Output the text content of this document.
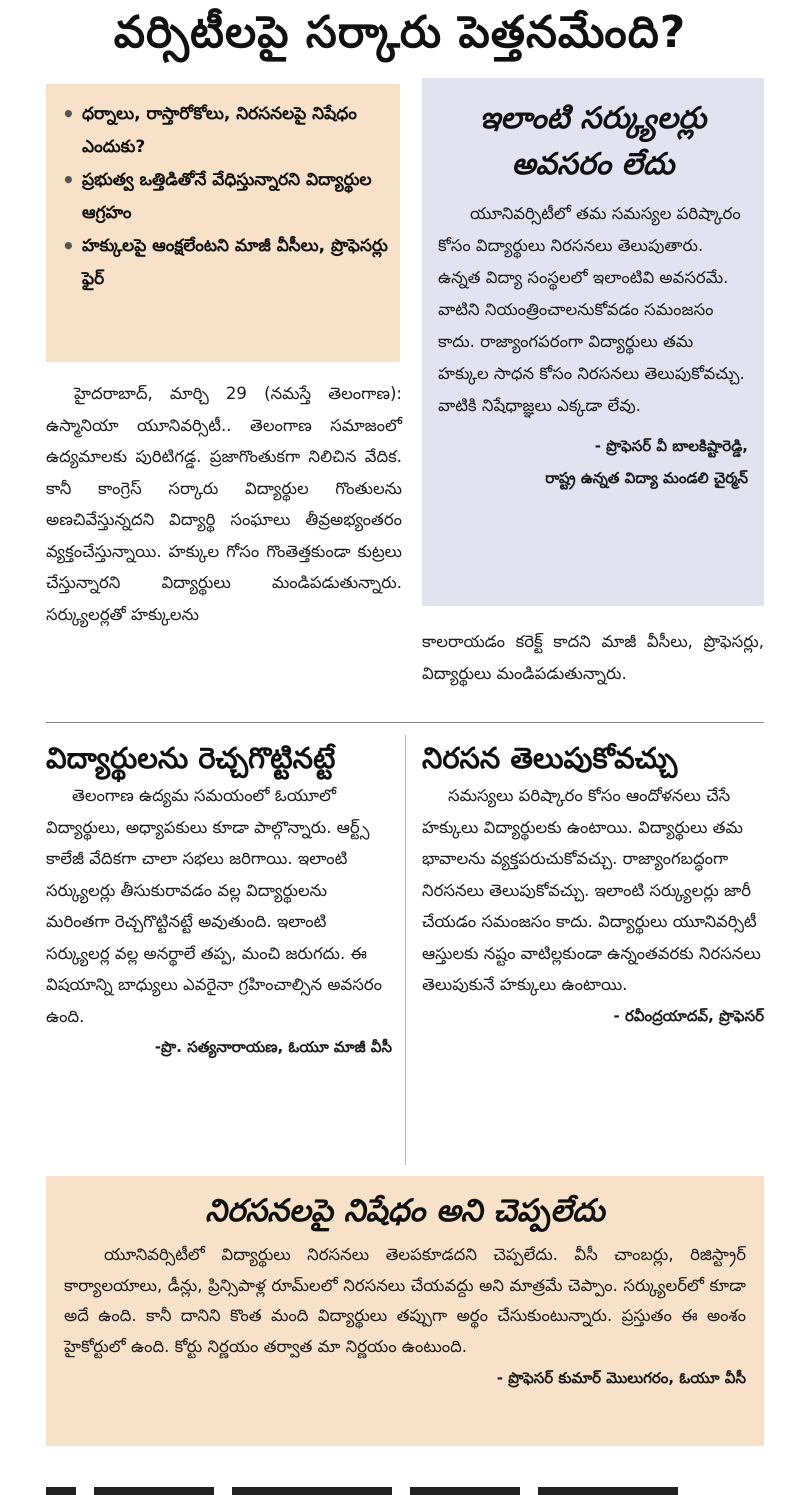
వర్సిటీలపై సర్కారు పెత్తనమేంది?
• ధర్నాలు, రాస్తారోకోలు, నిరసనలపై నిషేధం ఎందుకు?
• ప్రభుత్వ ఒత్తిడితోనే వేధిస్తున్నారని విద్యార్థుల ఆగ్రహం
• హక్కులపై ఆంక్షలేంటని మాజీ వీసీలు, ప్రొఫెసర్లు ఫైర్
ఇలాంటి సర్క్యులర్లు అవసరం లేదు

యూనివర్సిటీలో తమ సమస్యల పరిష్కారం కోసం విద్యార్థులు నిరసనలు తెలుపుతారు. ఉన్నత విద్యా సంస్థలలో ఇలాంటివి అవసరమే. వాటిని నియంత్రించాలనుకోవడం సమంజసం కాదు. రాజ్యాంగపరంగా విద్యార్థులు తమ హక్కుల సాధన కోసం నిరసనలు తెలుపుకోవచ్చు. వాటికి నిషేధాజ్ఞలు ఎక్కడా లేవు.

- ప్రొఫెసర్ వీ బాలకిష్టారెడ్డి,
రాష్ట్ర ఉన్నత విద్యా మండలి చైర్మన్
హైదరాబాద్, మార్చి 29 (నమస్తే తెలంగాణ): ఉస్మానియా యూనివర్సిటీ.. తెలంగాణ సమాజంలో ఉద్యమాలకు పురిటిగడ్డ. ప్రజాగొంతుకగా నిలిచిన వేదిక. కానీ కాంగ్రెస్ సర్కారు విద్యార్థుల గొంతులను అణచివేస్తున్నదని విద్యార్థి సంఘాలు తీవ్రఅభ్యంతరం వ్యక్తంచేస్తున్నాయి. హక్కుల గోసం గొంతెత్తకుండా కుట్రలు చేస్తున్నారని విద్యార్థులు మండిపడుతున్నారు. సర్క్యులర్లతో హక్కులను
కాలరాయడం కరెక్ట్ కాదని మాజీ వీసీలు, ప్రొఫెసర్లు, విద్యార్థులు మండిపడుతున్నారు.
విద్యార్థులను రెచ్చగొట్టినట్టే
తెలంగాణ ఉద్యమ సమయంలో ఓయూలో విద్యార్థులు, అధ్యాపకులు కూడా పాల్గొన్నారు. ఆర్ట్స్ కాలేజీ వేదికగా చాలా సభలు జరిగాయి. ఇలాంటి సర్క్యులర్లు తీసుకురావడం వల్ల విద్యార్థులను మరింతగా రెచ్చగొట్టినట్టే అవుతుంది. ఇలాంటి సర్క్యులర్ల వల్ల అనర్థాలే తప్ప, మంచి జరుగదు. ఈ విషయాన్ని బాధ్యులు ఎవరైనా గ్రహించాల్సిన అవసరం ఉంది.
-ప్రొ. సత్యనారాయణ, ఓయూ మాజీ వీసీ
నిరసన తెలుపుకోవచ్చు
సమస్యలు పరిష్కారం కోసం ఆందోళనలు చేసే హక్కులు విద్యార్థులకు ఉంటాయి. విద్యార్థులు తమ భావాలను వ్యక్తపరుచుకోవచ్చు. రాజ్యాంగబద్ధంగా నిరసనలు తెలుపుకోవచ్చు. ఇలాంటి సర్క్యులర్లు జారీ చేయడం సమంజసం కాదు. విద్యార్థులు యూనివర్సిటీ ఆస్తులకు నష్టం వాటిల్లకుండా ఉన్నంతవరకు నిరసనలు తెలుపుకునే హక్కులు ఉంటాయి.
- రవీంద్రయాదవ్, ప్రొఫెసర్
నిరసనలపై నిషేధం అని చెప్పలేదు

యూనివర్సిటీలో విద్యార్థులు నిరసనలు తెలపకూడదని చెప్పలేదు. వీసీ చాంబర్లు, రిజిస్ట్రార్ కార్యాలయాలు, డీన్లు, ప్రిన్సిపాళ్ల రూమ్‌లలో నిరసనలు చేయవద్దు అని మాత్రమే చెప్పాం. సర్క్యులర్‌లో కూడా అదే ఉంది. కానీ దానిని కొంత మంది విద్యార్థులు తప్పుగా అర్థం చేసుకుంటున్నారు. ప్రస్తుతం ఈ అంశం హైకోర్టులో ఉంది. కోర్టు నిర్ణయం తర్వాత మా నిర్ణయం ఉంటుంది.

- ప్రొఫెసర్ కుమార్ మొలుగరం, ఓయూ వీసీ
